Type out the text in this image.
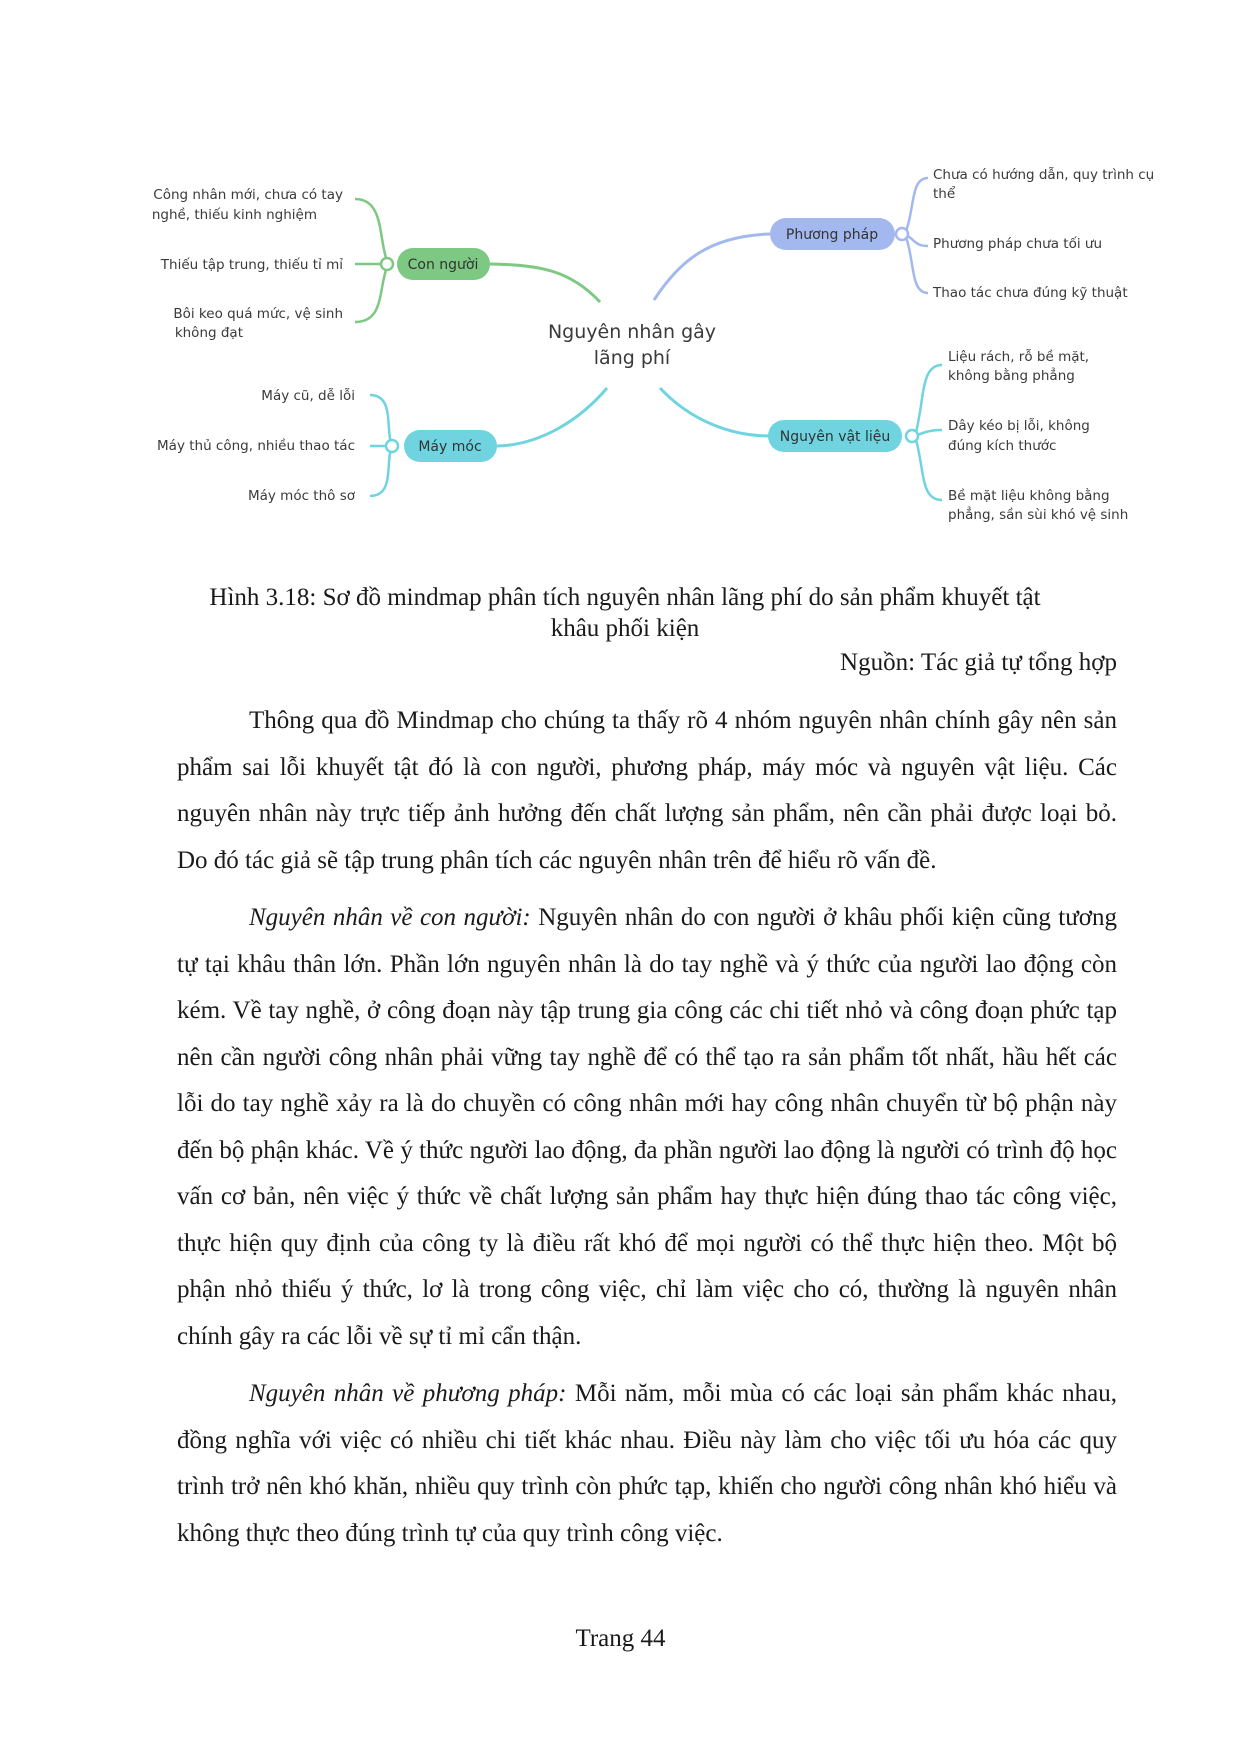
Nguyên nhân gây
lãng phí
Con người
Công nhân mới, chưa có tay
nghề, thiếu kinh nghiệm
Thiếu tập trung, thiếu tỉ mỉ
Bôi keo quá mức, vệ sinh
không đạt
Phương pháp
Chưa có hướng dẫn, quy trình cụ
thể
Phương pháp chưa tối ưu
Thao tác chưa đúng kỹ thuật
Máy móc
Máy cũ, dễ lỗi
Máy thủ công, nhiều thao tác
Máy móc thô sơ
Nguyên vật liệu
Liệu rách, rỗ bề mặt,
không bằng phẳng
Dây kéo bị lỗi, không
đúng kích thước
Bề mặt liệu không bằng
phẳng, sần sùi khó vệ sinh
Hình 3.18: Sơ đồ mindmap phân tích nguyên nhân lãng phí do sản phẩm khuyết tật
khâu phối kiện
Nguồn: Tác giả tự tổng hợp

Thông qua đồ Mindmap cho chúng ta thấy rõ 4 nhóm nguyên nhân chính gây nên sản phẩm sai lỗi khuyết tật đó là con người, phương pháp, máy móc và nguyên vật liệu. Các nguyên nhân này trực tiếp ảnh hưởng đến chất lượng sản phẩm, nên cần phải được loại bỏ. Do đó tác giả sẽ tập trung phân tích các nguyên nhân trên để hiểu rõ vấn đề.

Nguyên nhân về con người: Nguyên nhân do con người ở khâu phối kiện cũng tương tự tại khâu thân lớn. Phần lớn nguyên nhân là do tay nghề và ý thức của người lao động còn kém. Về tay nghề, ở công đoạn này tập trung gia công các chi tiết nhỏ và công đoạn phức tạp nên cần người công nhân phải vững tay nghề để có thể tạo ra sản phẩm tốt nhất, hầu hết các lỗi do tay nghề xảy ra là do chuyền có công nhân mới hay công nhân chuyển từ bộ phận này đến bộ phận khác. Về ý thức người lao động, đa phần người lao động là người có trình độ học vấn cơ bản, nên việc ý thức về chất lượng sản phẩm hay thực hiện đúng thao tác công việc, thực hiện quy định của công ty là điều rất khó để mọi người có thể thực hiện theo. Một bộ phận nhỏ thiếu ý thức, lơ là trong công việc, chỉ làm việc cho có, thường là nguyên nhân chính gây ra các lỗi về sự tỉ mỉ cẩn thận.

Nguyên nhân về phương pháp: Mỗi năm, mỗi mùa có các loại sản phẩm khác nhau, đồng nghĩa với việc có nhiều chi tiết khác nhau. Điều này làm cho việc tối ưu hóa các quy trình trở nên khó khăn, nhiều quy trình còn phức tạp, khiến cho người công nhân khó hiểu và không thực theo đúng trình tự của quy trình công việc.

Trang 44
